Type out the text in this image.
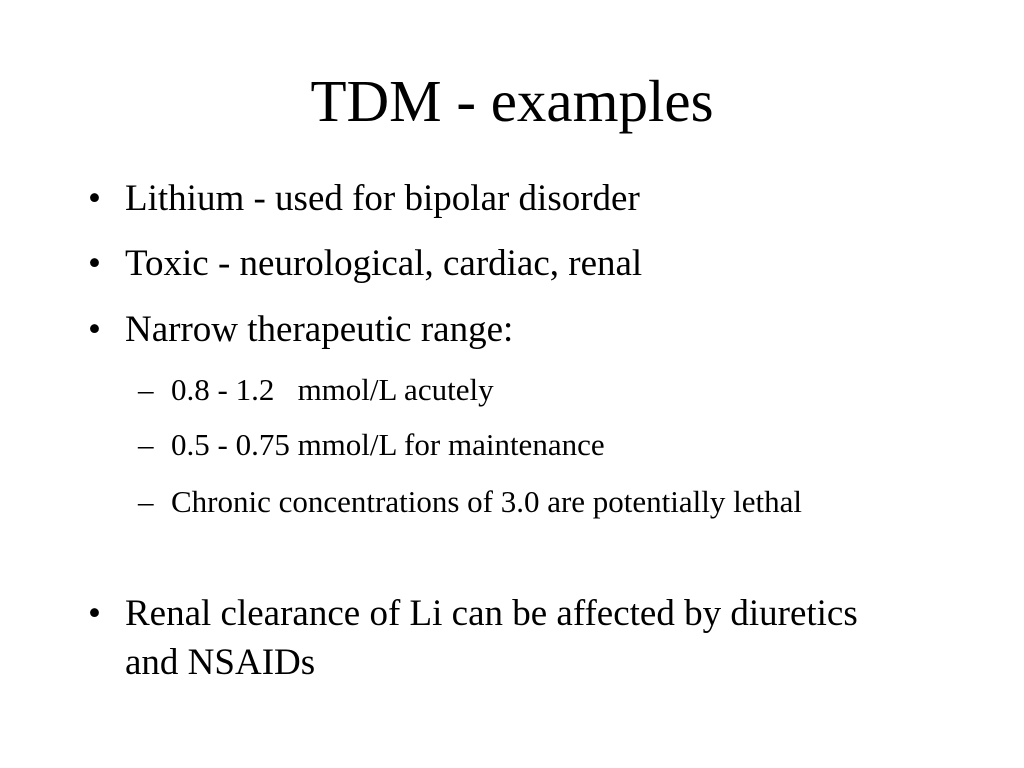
TDM - examples
• Lithium - used for bipolar disorder
• Toxic - neurological, cardiac, renal
• Narrow therapeutic range:
– 0.8 - 1.2   mmol/L acutely
– 0.5 - 0.75 mmol/L for maintenance
– Chronic concentrations of 3.0 are potentially lethal
• Renal clearance of Li can be affected by diuretics and NSAIDs
